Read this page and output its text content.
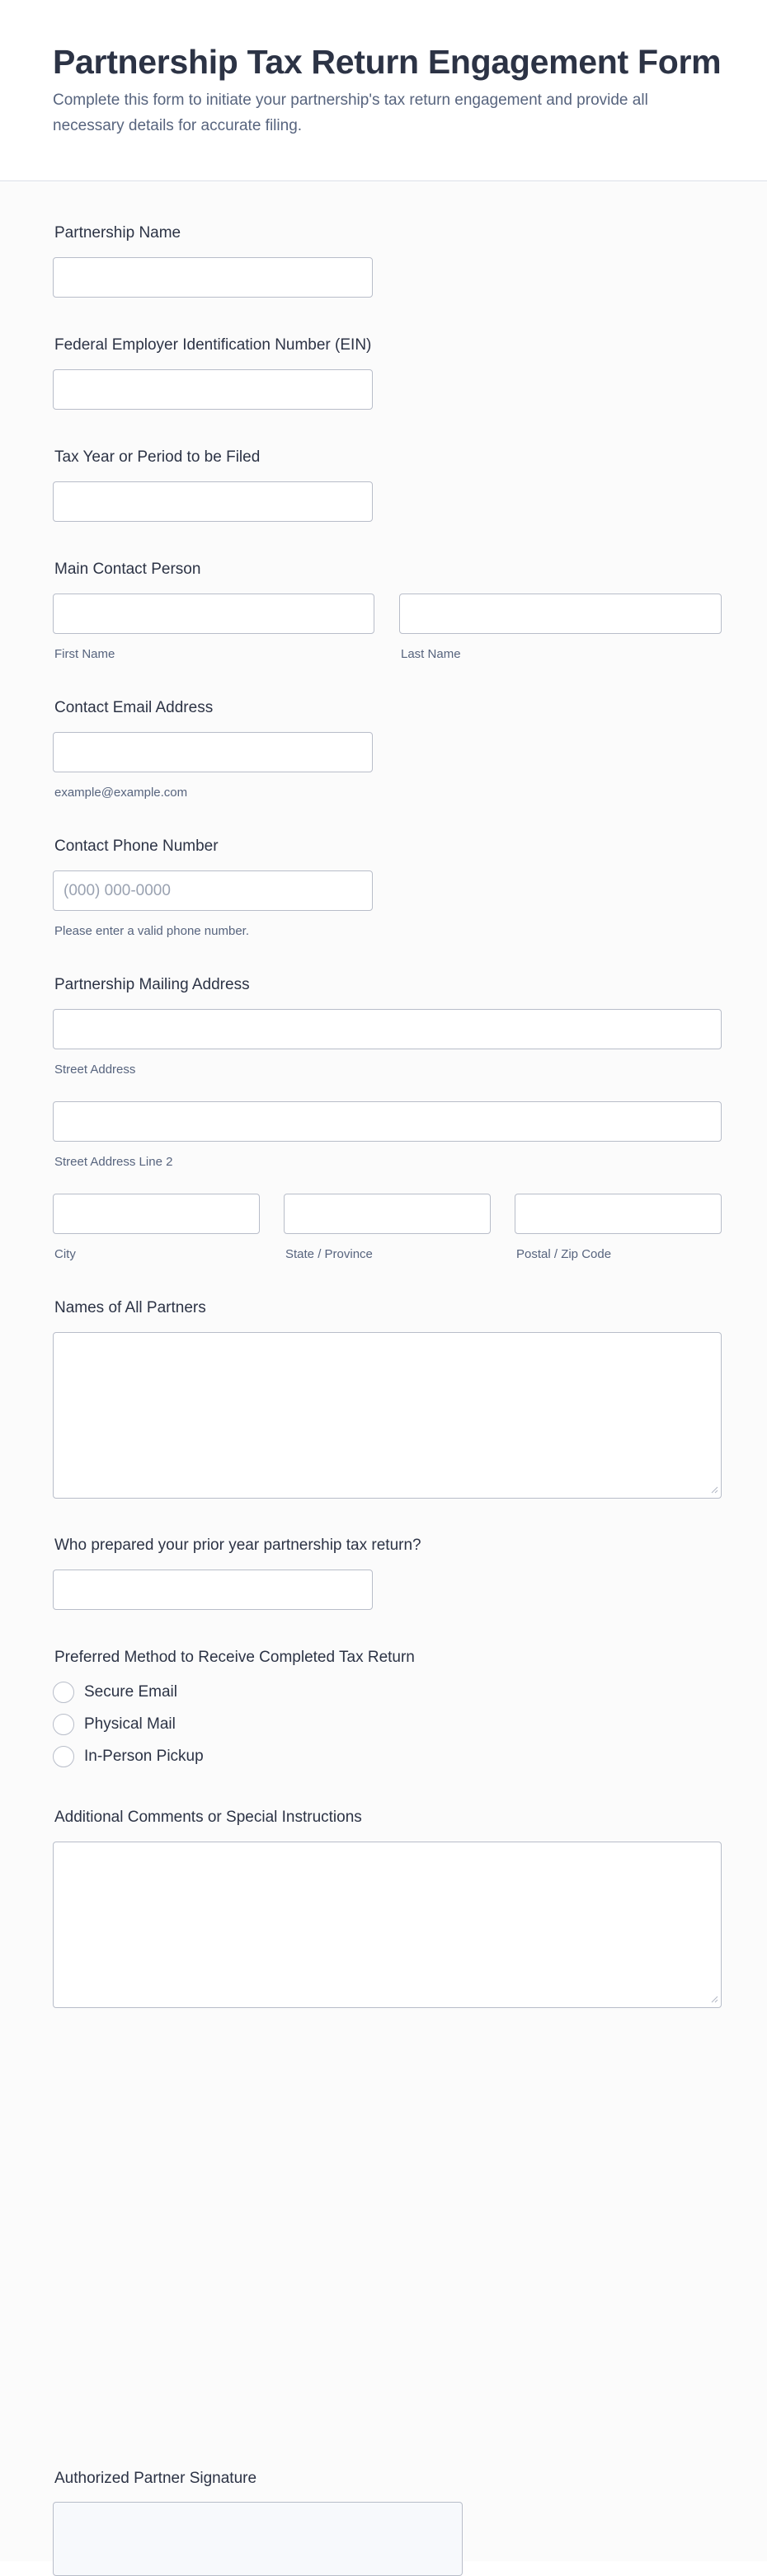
Partnership Tax Return Engagement Form

Complete this form to initiate your partnership's tax return engagement and provide all necessary details for accurate filing.

Partnership Name
Federal Employer Identification Number (EIN)
Tax Year or Period to be Filed
Main Contact Person
First Name	Last Name
Contact Email Address
example@example.com
Contact Phone Number
(000) 000-0000
Please enter a valid phone number.
Partnership Mailing Address
Street Address
Street Address Line 2
City	State / Province	Postal / Zip Code
Names of All Partners
Who prepared your prior year partnership tax return?
Preferred Method to Receive Completed Tax Return
Secure Email
Physical Mail
In-Person Pickup
Additional Comments or Special Instructions
Authorized Partner Signature
